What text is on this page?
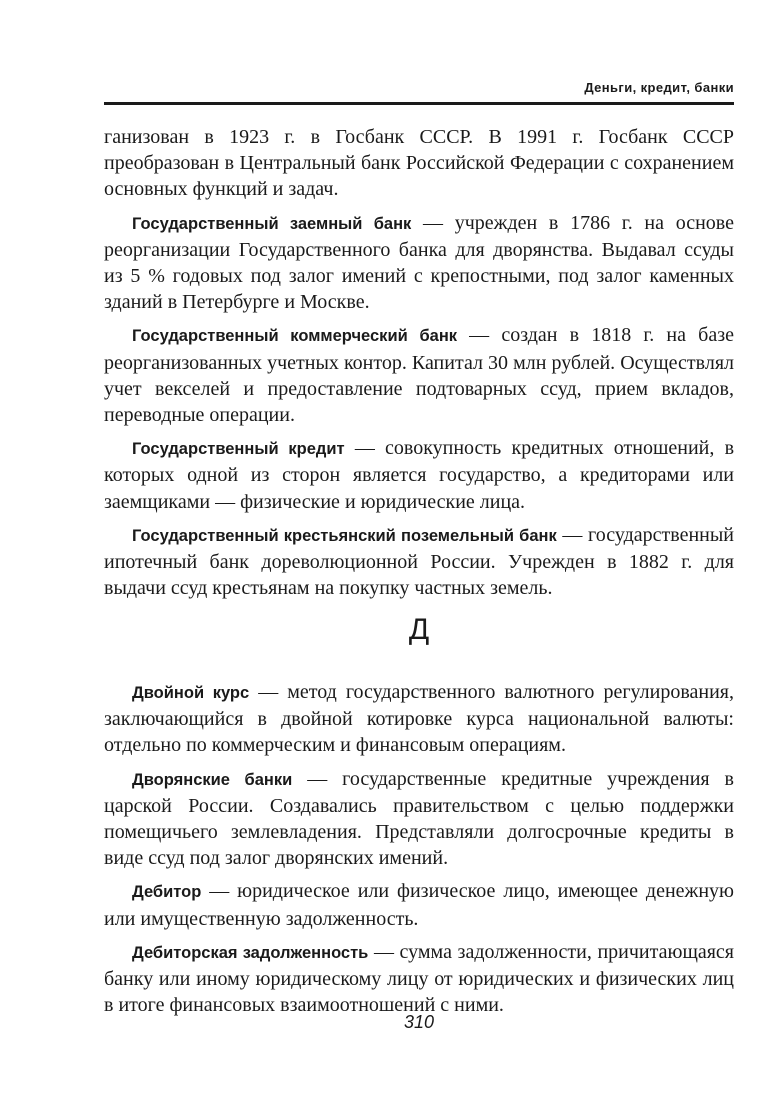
Деньги, кредит, банки

ганизован в 1923 г. в Госбанк СССР. В 1991 г. Госбанк СССР преобразован в Центральный банк Российской Федерации с сохранением основных функций и задач.

Государственный заемный банк — учрежден в 1786 г. на основе реорганизации Государственного банка для дворянства. Выдавал ссуды из 5 % годовых под залог имений с крепостными, под залог каменных зданий в Петербурге и Москве.

Государственный коммерческий банк — создан в 1818 г. на базе реорганизованных учетных контор. Капитал 30 млн рублей. Осуществлял учет векселей и предоставление подтоварных ссуд, прием вкладов, переводные операции.

Государственный кредит — совокупность кредитных отношений, в которых одной из сторон является государство, а кредиторами или заемщиками — физические и юридические лица.

Государственный крестьянский поземельный банк — государственный ипотечный банк дореволюционной России. Учрежден в 1882 г. для выдачи ссуд крестьянам на покупку частных земель.

Д

Двойной курс — метод государственного валютного регулирования, заключающийся в двойной котировке курса национальной валюты: отдельно по коммерческим и финансовым операциям.

Дворянские банки — государственные кредитные учреждения в царской России. Создавались правительством с целью поддержки помещичьего землевладения. Представляли долгосрочные кредиты в виде ссуд под залог дворянских имений.

Дебитор — юридическое или физическое лицо, имеющее денежную или имущественную задолженность.

Дебиторская задолженность — сумма задолженности, причитающаяся банку или иному юридическому лицу от юридических и физических лиц в итоге финансовых взаимоотношений с ними.

310
